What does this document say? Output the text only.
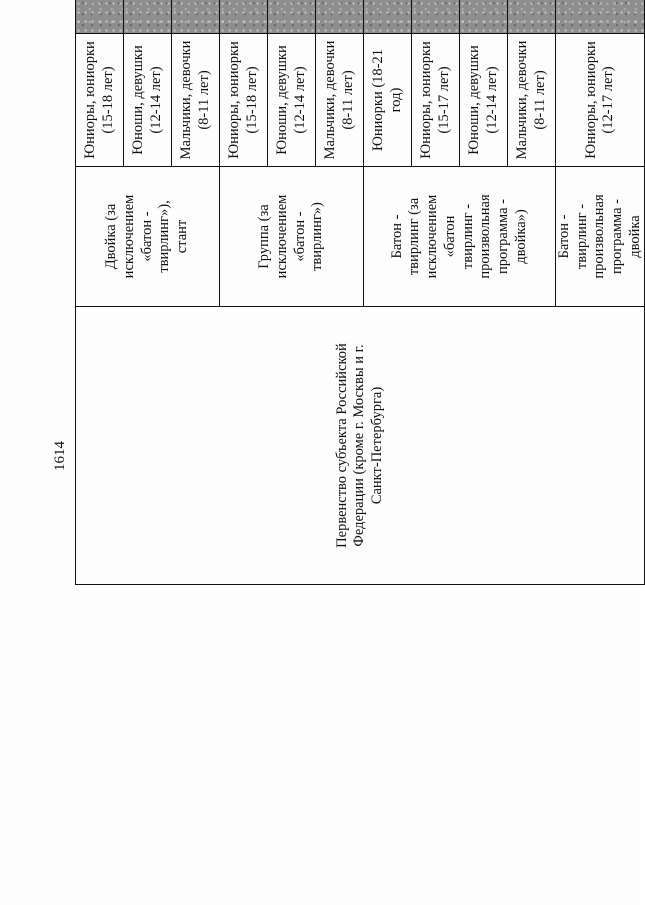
1614	Первенство субъекта Российской Федерации (кроме г. Москвы и г. Санкт-Петербурга)	Двойка (за исключением «батон - твирлинг»), стант	Юниоры, юниорки
(15-18 лет)							
		Юноши, девушки
(12-14 лет)							
		Мальчики, девочки
(8-11 лет)							
	Группа (за исключением «батон - твирлинг»)	Юниоры, юниорки
(15-18 лет)							
		Юноши, девушки
(12-14 лет)							
		Мальчики, девочки
(8-11 лет)							
	Батон - твирлинг (за исключением «батон твирлинг - произвольная программа - двойка»)	Юниорки (18-21 год)							
		Юниоры, юниорки
(15-17 лет)							
		Юноши, девушки
(12-14 лет)							
		Мальчики, девочки
(8-11 лет)							
	Батон - твирлинг - произвольная программа - двойка	Юниоры, юниорки
(12-17 лет)							
